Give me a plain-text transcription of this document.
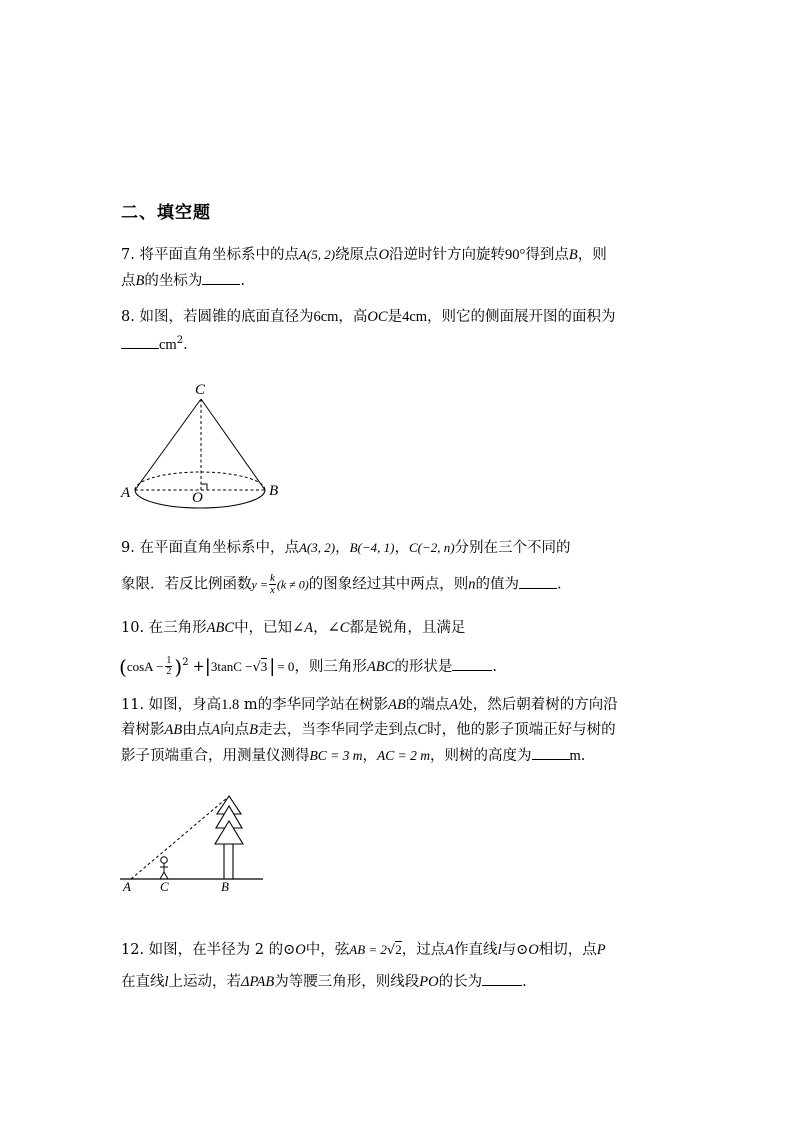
二、填空题
7. 将平面直角坐标系中的点A(5, 2)绕原点O沿逆时针方向旋转90°得到点B，则
点B的坐标为	.
8. 如图，若圆锥的底面直径为6cm，高OC是4cm，则它的侧面展开图的面积为
$cm^2$.
C
A	O	B
9. 在平面直角坐标系中，点A(3, 2)，B(−4, 1)，C(−2, n)分别在三个不同的
象限．若反比例函数$y = \frac{k}{x} (k \ne 0)$的图象经过其中两点，则n的值为	.
10. 在三角形ABC中，已知∠A，∠C都是锐角，且满足
$(\cos A - \frac{1}{2} )^2 +|3\tan C -√3$ | = 0，则三角形ABC的形状是	.
11. 如图，身高1.8 m的李华同学站在树影AB的端点A处，然后朝着树的方向沿
着树影AB由点A向点B走去，当李华同学走到点C时，他的影子顶端正好与树的
影子顶端重合，用测量仪测得BC = 3 m，AC = 2 m，则树的高度为	m.
A C	B
12. 如图，在半径为 2 的⊙O中，弦AB = 2√2，过点A作直线l与⊙O相切，点P
在直线l上运动，若ΔPAB为等腰三角形，则线段PO的长为	.
